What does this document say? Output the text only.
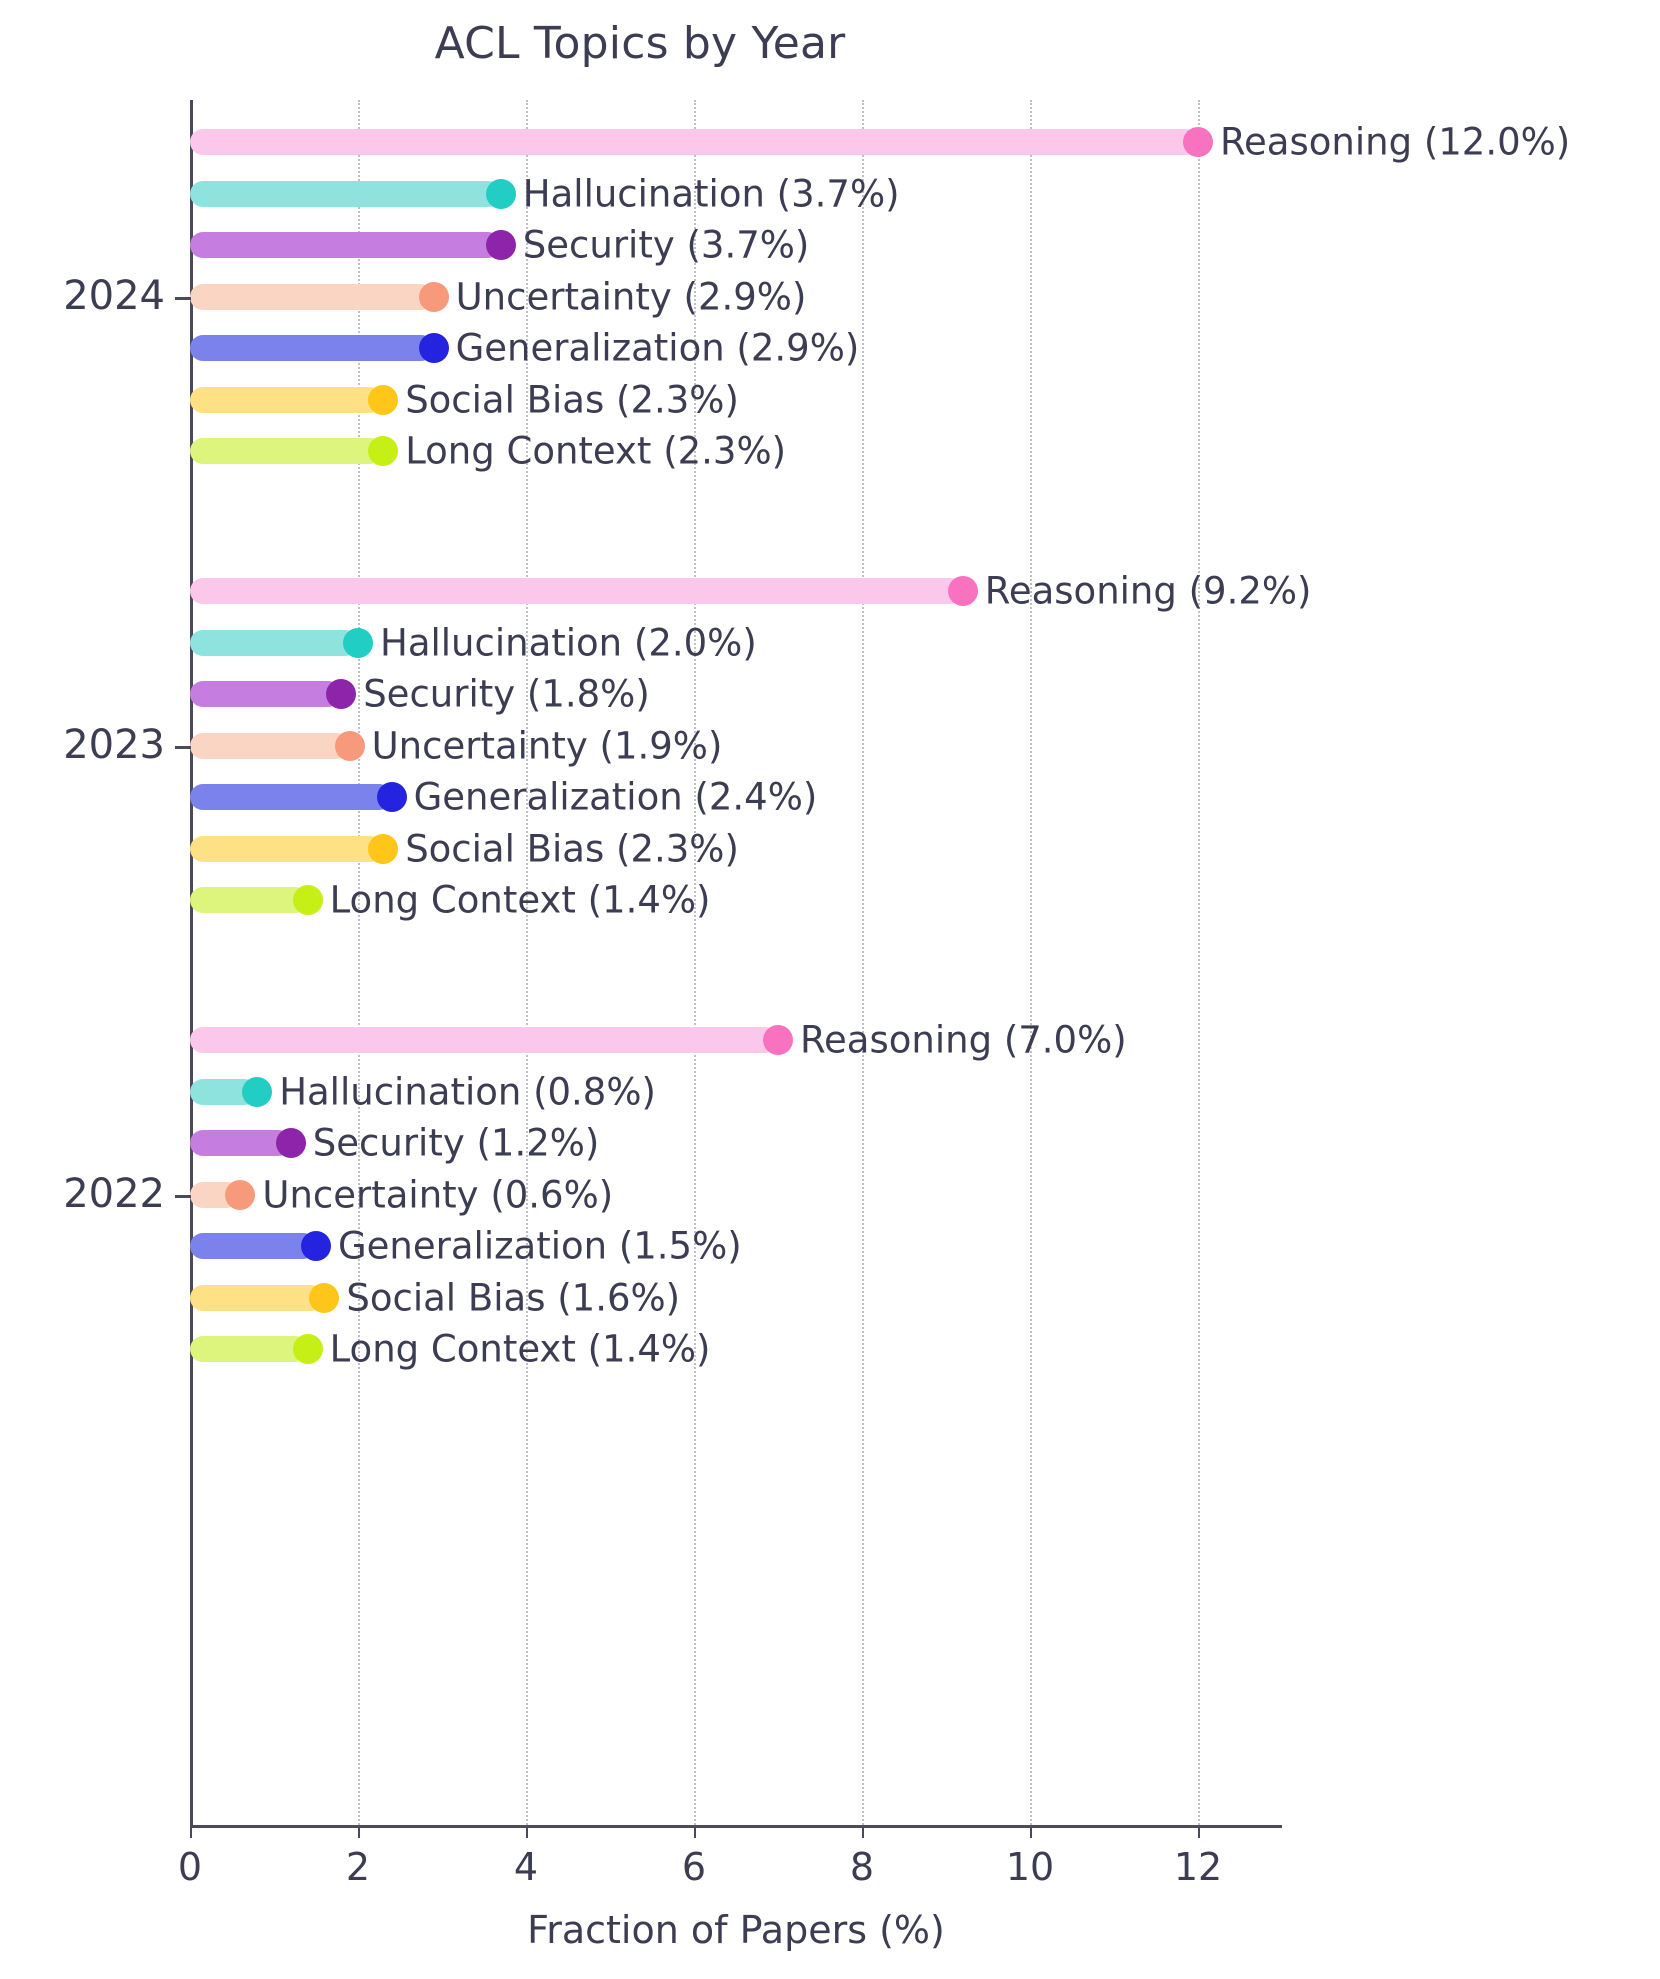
ACL Topics by Year
Reasoning (12.0%)
Hallucination (3.7%)
Security (3.7%)
Uncertainty (2.9%)
Generalization (2.9%)
Social Bias (2.3%)
Long Context (2.3%)
Reasoning (9.2%)
Hallucination (2.0%)
Security (1.8%)
Uncertainty (1.9%)
Generalization (2.4%)
Social Bias (2.3%)
Long Context (1.4%)
Reasoning (7.0%)
Hallucination (0.8%)
Security (1.2%)
Uncertainty (0.6%)
Generalization (1.5%)
Social Bias (1.6%)
Long Context (1.4%)
0	2	4	6	8	10	12
2024
2023
2022
Fraction of Papers (%)
